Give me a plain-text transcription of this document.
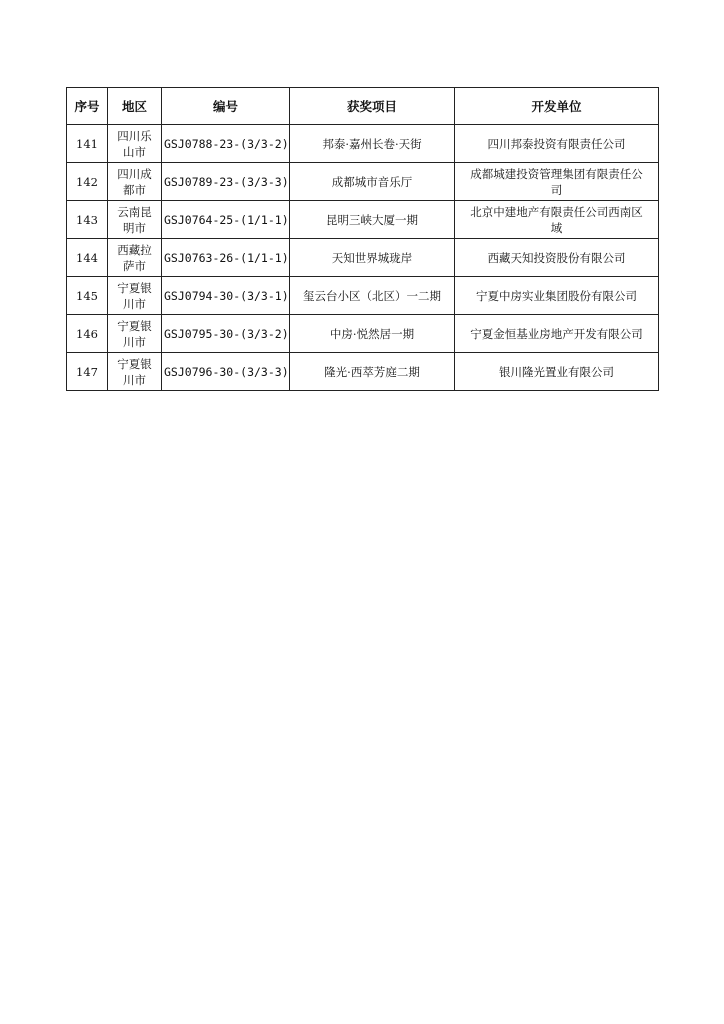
序号	地区	编号	获奖项目	开发单位
141	四川乐山市	GSJ0788-23-(3/3-2)	邦泰·嘉州长卷·天街	四川邦泰投资有限责任公司

142	四川成都市	GSJ0789-23-(3/3-3)	成都城市音乐厅	成都城建投资管理集团有限责任公司

143	云南昆明市	GSJ0764-25-(1/1-1)	昆明三峡大厦一期	北京中建地产有限责任公司西南区域

144	西藏拉萨市	GSJ0763-26-(1/1-1)	天知世界城珑岸	西藏天知投资股份有限公司

145	宁夏银川市	GSJ0794-30-(3/3-1)	玺云台小区（北区）一二期	宁夏中房实业集团股份有限公司

146	宁夏银川市	GSJ0795-30-(3/3-2)	中房·悦然居一期	宁夏金恒基业房地产开发有限公司

147	宁夏银川市	GSJ0796-30-(3/3-3)	隆光·西萃芳庭二期	银川隆光置业有限公司
